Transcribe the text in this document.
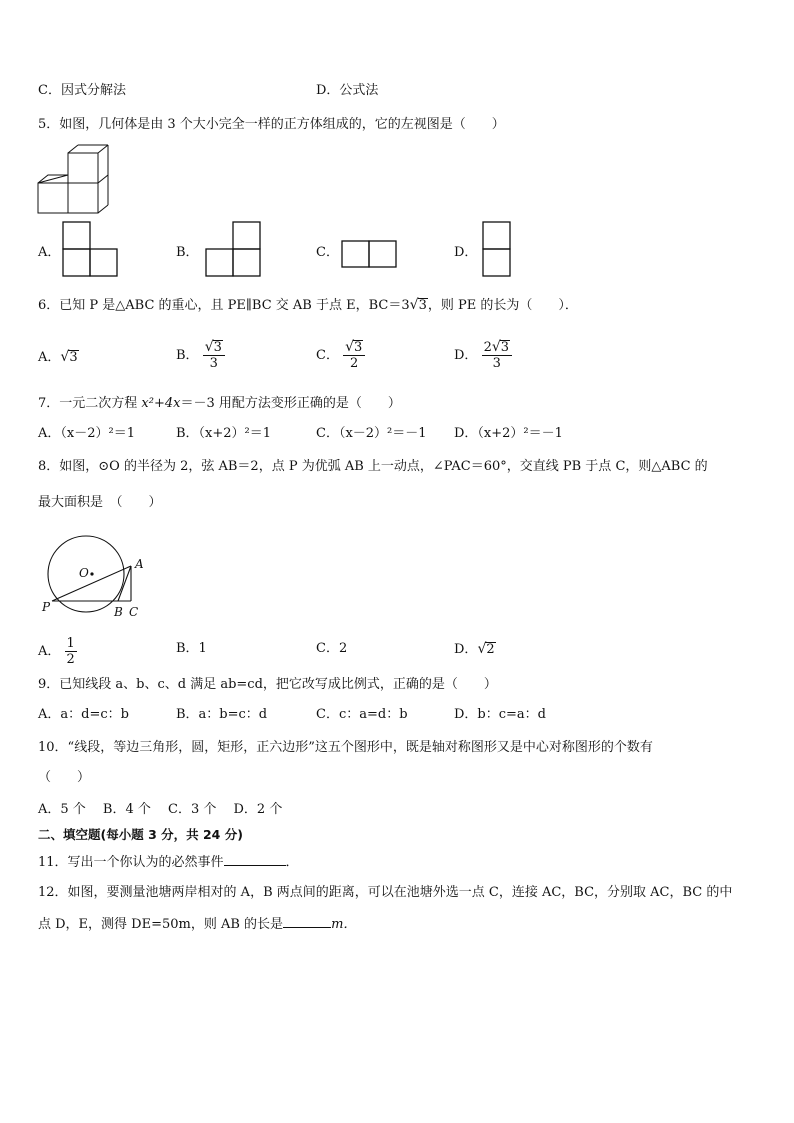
C．因式分解法	D．公式法
5．如图，几何体是由 3 个大小完全一样的正方体组成的，它的左视图是（　　）
A．	B．	C．	D．
6．已知 P 是△ABC 的重心，且 PE∥BC 交 AB 于点 E，BC＝3√3，则 PE 的长为（　　）．
A．√3	B． $\frac{√3}{3}$	C． $\frac{√3}{2}$	D． $\frac{2√3}{3}$
7．一元二次方程 x²+4x＝－3 用配方法变形正确的是（　　）
A．（x－2）²＝1	B．（x+2）²＝1	C．（x－2）²＝－1 D．（x+2）²＝－1
8．如图，⊙O 的半径为 2，弦 AB＝2，点 P 为优弧 AB 上一动点，∠PAC＝60°，交直线 PB 于点 C，则△ABC 的
最大面积是　（　　）
O
A
P	B C
A． $\frac{1}{2}$	B．1	C．2	D．√2
9．已知线段 a、b、c、d 满足 ab=cd，把它改写成比例式，正确的是（　　）
A．a：d=c：b	B．a：b=c：d	C．c：a=d：b	D．b：c=a：d
10．“线段，等边三角形，圆，矩形，正六边形”这五个图形中，既是轴对称图形又是中心对称图形的个数有
（　　）
A．5 个　 B．4 个　 C．3 个　 D．2 个
二、填空题(每小题 3 分，共 24 分)
11．写出一个你认为的必然事件	．
12．如图，要测量池塘两岸相对的 A，B 两点间的距离，可以在池塘外选一点 C，连接 AC，BC，分别取 AC，BC 的中
点 D，E，测得 DE=50m，则 AB 的长是	m．
